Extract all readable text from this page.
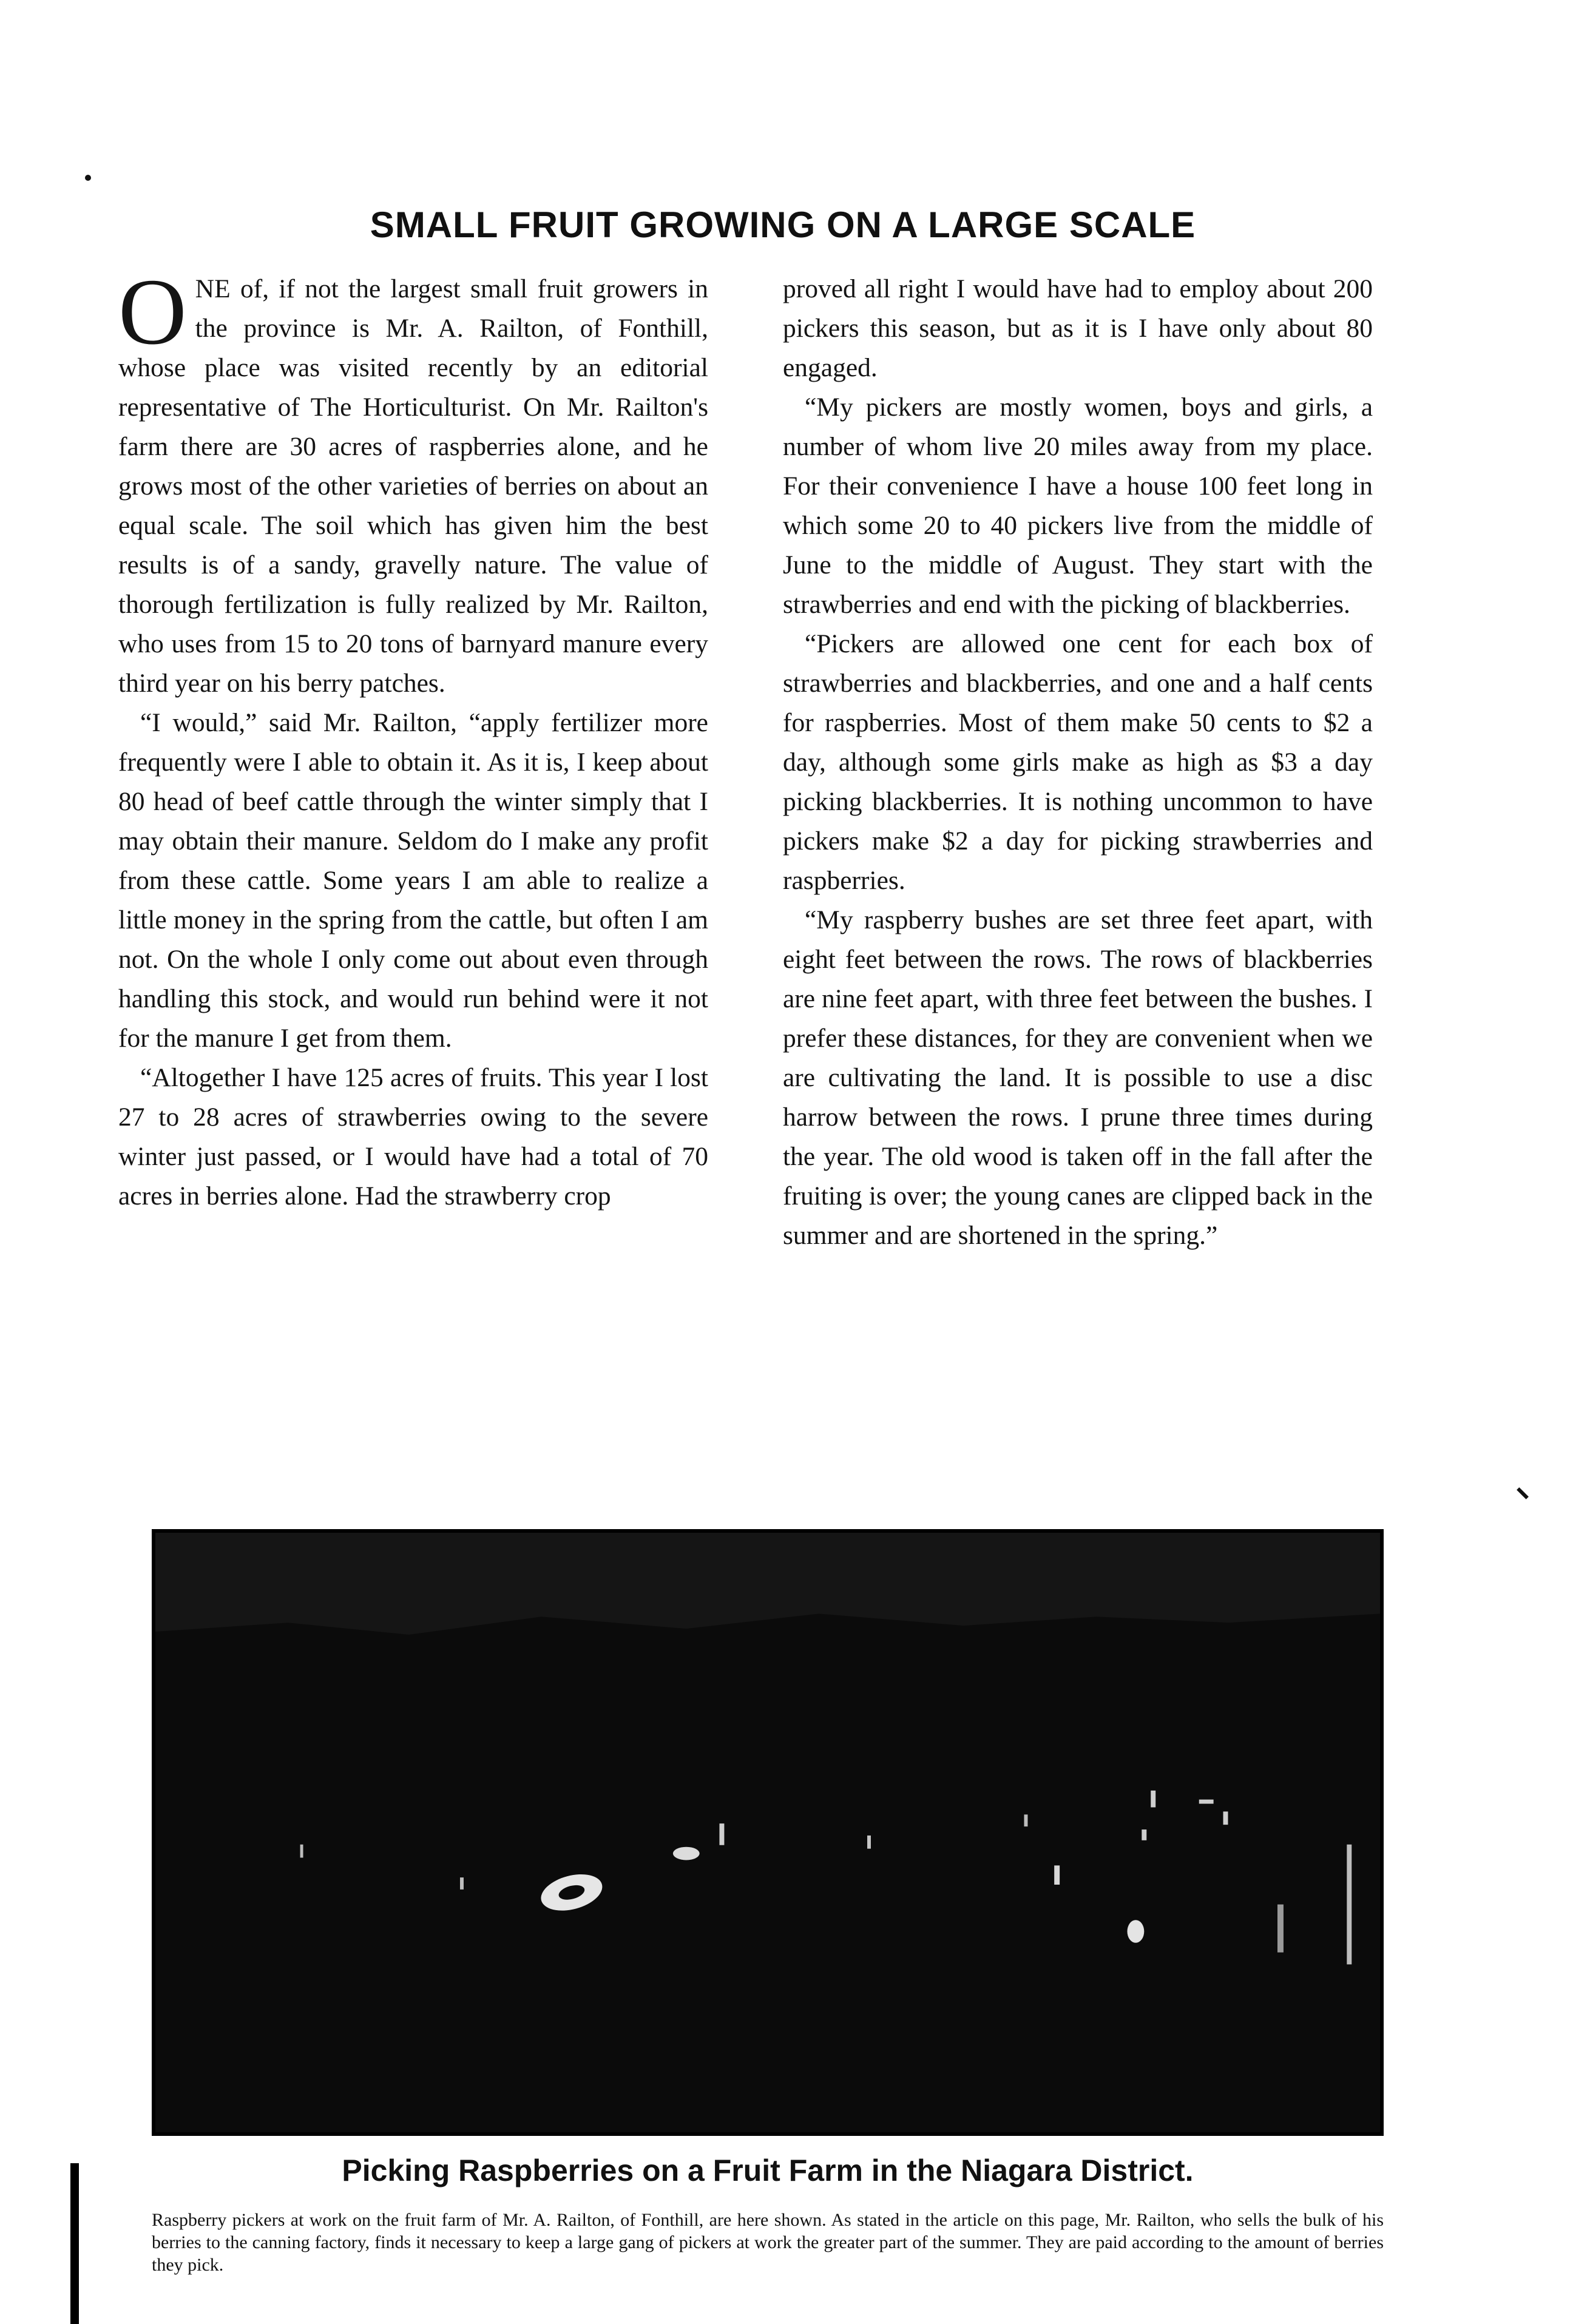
SMALL FRUIT GROWING ON A LARGE SCALE

ONE of, if not the largest small fruit growers in the province is Mr. A. Railton, of Fonthill, whose place was visited recently by an editorial representative of The Horticulturist. On Mr. Railton's farm there are 30 acres of raspberries alone, and he grows most of the other varieties of berries on about an equal scale. The soil which has given him the best results is of a sandy, gravelly nature. The value of thorough fertilization is fully realized by Mr. Railton, who uses from 15 to 20 tons of barnyard manure every third year on his berry patches.

“I would,” said Mr. Railton, “apply fertilizer more frequently were I able to obtain it. As it is, I keep about 80 head of beef cattle through the winter simply that I may obtain their manure. Seldom do I make any profit from these cattle. Some years I am able to realize a little money in the spring from the cattle, but often I am not. On the whole I only come out about even through handling this stock, and would run behind were it not for the manure I get from them.

“Altogether I have 125 acres of fruits. This year I lost 27 to 28 acres of strawberries owing to the severe winter just passed, or I would have had a total of 70 acres in berries alone. Had the strawberry crop

proved all right I would have had to employ about 200 pickers this season, but as it is I have only about 80 engaged.

“My pickers are mostly women, boys and girls, a number of whom live 20 miles away from my place. For their convenience I have a house 100 feet long in which some 20 to 40 pickers live from the middle of June to the middle of August. They start with the strawberries and end with the picking of blackberries.

“Pickers are allowed one cent for each box of strawberries and blackberries, and one and a half cents for raspberries. Most of them make 50 cents to $2 a day, although some girls make as high as $3 a day picking blackberries. It is nothing uncommon to have pickers make $2 a day for picking strawberries and raspberries.

“My raspberry bushes are set three feet apart, with eight feet between the rows. The rows of blackberries are nine feet apart, with three feet between the bushes. I prefer these distances, for they are convenient when we are cultivating the land. It is possible to use a disc harrow between the rows. I prune three times during the year. The old wood is taken off in the fall after the fruiting is over; the young canes are clipped back in the summer and are shortened in the spring.”

Picking Raspberries on a Fruit Farm in the Niagara District.

Raspberry pickers at work on the fruit farm of Mr. A. Railton, of Fonthill, are here shown. As stated in the article on this page, Mr. Railton, who sells the bulk of his berries to the canning factory, finds it necessary to keep a large gang of pickers at work the greater part of the summer. They are paid according to the amount of berries they pick.
